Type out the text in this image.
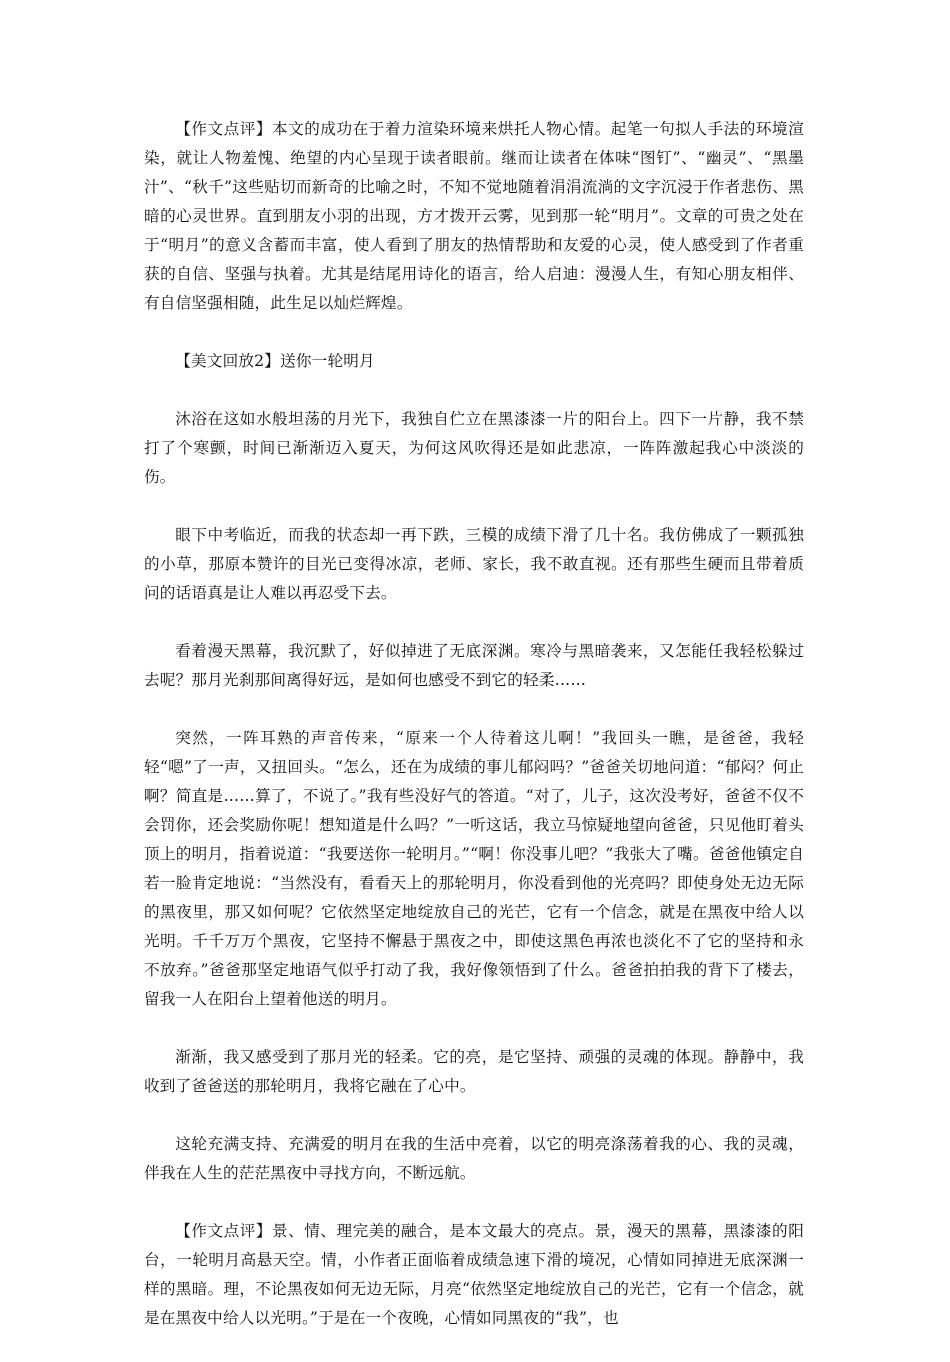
【作文点评】本文的成功在于着力渲染环境来烘托人物心情。起笔一句拟人手法的环境渲染，就让人物羞愧、绝望的内心呈现于读者眼前。继而让读者在体味“图钉”、“幽灵”、“黑墨汁”、“秋千”这些贴切而新奇的比喻之时，不知不觉地随着涓涓流淌的文字沉浸于作者悲伤、黑暗的心灵世界。直到朋友小羽的出现，方才拨开云雾，见到那一轮“明月”。文章的可贵之处在于“明月”的意义含蓄而丰富，使人看到了朋友的热情帮助和友爱的心灵，使人感受到了作者重获的自信、坚强与执着。尤其是结尾用诗化的语言，给人启迪：漫漫人生，有知心朋友相伴、有自信坚强相随，此生足以灿烂辉煌。

【美文回放2】送你一轮明月

沐浴在这如水般坦荡的月光下，我独自伫立在黑漆漆一片的阳台上。四下一片静，我不禁打了个寒颤，时间已渐渐迈入夏天，为何这风吹得还是如此悲凉，一阵阵激起我心中淡淡的伤。

眼下中考临近，而我的状态却一再下跌，三模的成绩下滑了几十名。我仿佛成了一颗孤独的小草，那原本赞许的目光已变得冰凉，老师、家长，我不敢直视。还有那些生硬而且带着质问的话语真是让人难以再忍受下去。

看着漫天黑幕，我沉默了，好似掉进了无底深渊。寒冷与黑暗袭来，又怎能任我轻松躲过去呢？那月光刹那间离得好远，是如何也感受不到它的轻柔……

突然，一阵耳熟的声音传来，“原来一个人待着这儿啊！”我回头一瞧，是爸爸，我轻轻“嗯”了一声，又扭回头。“怎么，还在为成绩的事儿郁闷吗？”爸爸关切地问道：“郁闷？何止啊？简直是……算了，不说了。”我有些没好气的答道。“对了，儿子，这次没考好，爸爸不仅不会罚你，还会奖励你呢！想知道是什么吗？”一听这话，我立马惊疑地望向爸爸，只见他盯着头顶上的明月，指着说道：“我要送你一轮明月。”“啊！你没事儿吧？”我张大了嘴。爸爸他镇定自若一脸肯定地说：“当然没有，看看天上的那轮明月，你没看到他的光亮吗？即使身处无边无际的黑夜里，那又如何呢？它依然坚定地绽放自己的光芒，它有一个信念，就是在黑夜中给人以光明。千千万万个黑夜，它坚持不懈悬于黑夜之中，即使这黑色再浓也淡化不了它的坚持和永不放弃。”爸爸那坚定地语气似乎打动了我，我好像领悟到了什么。爸爸拍拍我的背下了楼去，留我一人在阳台上望着他送的明月。

渐渐，我又感受到了那月光的轻柔。它的亮，是它坚持、顽强的灵魂的体现。静静中，我收到了爸爸送的那轮明月，我将它融在了心中。

这轮充满支持、充满爱的明月在我的生活中亮着，以它的明亮涤荡着我的心、我的灵魂，伴我在人生的茫茫黑夜中寻找方向，不断远航。

【作文点评】景、情、理完美的融合，是本文最大的亮点。景，漫天的黑幕，黑漆漆的阳台，一轮明月高悬天空。情，小作者正面临着成绩急速下滑的境况，心情如同掉进无底深渊一样的黑暗。理，不论黑夜如何无边无际，月亮“依然坚定地绽放自己的光芒，它有一个信念，就是在黑夜中给人以光明。”于是在一个夜晚，心情如同黑夜的“我”，也
